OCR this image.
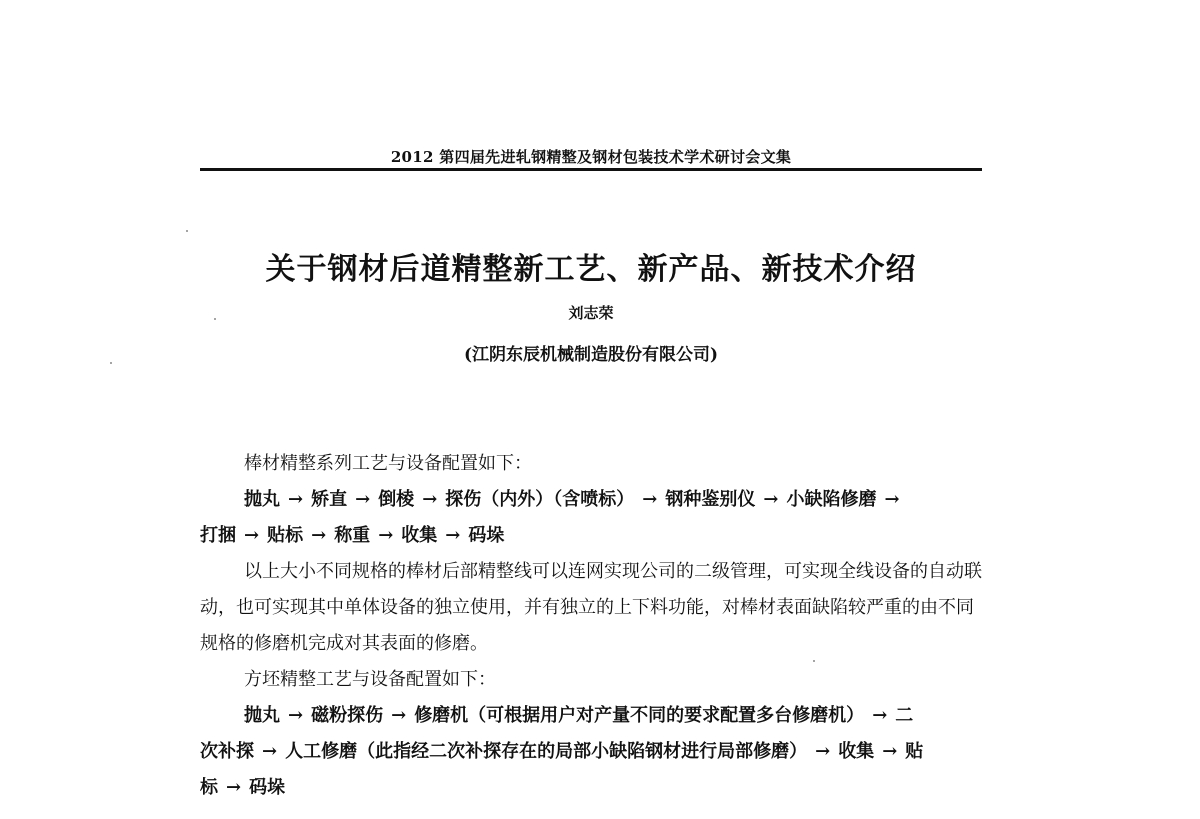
2012 第四届先进轧钢精整及钢材包装技术学术研讨会文集
关于钢材后道精整新工艺、新产品、新技术介绍
刘志荣
(江阴东辰机械制造股份有限公司)

棒材精整系列工艺与设备配置如下：

抛丸 → 矫直 → 倒棱 → 探伤（内外）（含喷标） → 钢种鉴别仪 → 小缺陷修磨 →
打捆 → 贴标 → 称重 → 收集 → 码垛

以上大小不同规格的棒材后部精整线可以连网实现公司的二级管理，可实现全线设备的自动联动，也可实现其中单体设备的独立使用，并有独立的上下料功能，对棒材表面缺陷较严重的由不同规格的修磨机完成对其表面的修磨。

方坯精整工艺与设备配置如下：

抛丸 → 磁粉探伤 → 修磨机（可根据用户对产量不同的要求配置多台修磨机） → 二
次补探 → 人工修磨（此指经二次补探存在的局部小缺陷钢材进行局部修磨） → 收集 → 贴
标 → 码垛
